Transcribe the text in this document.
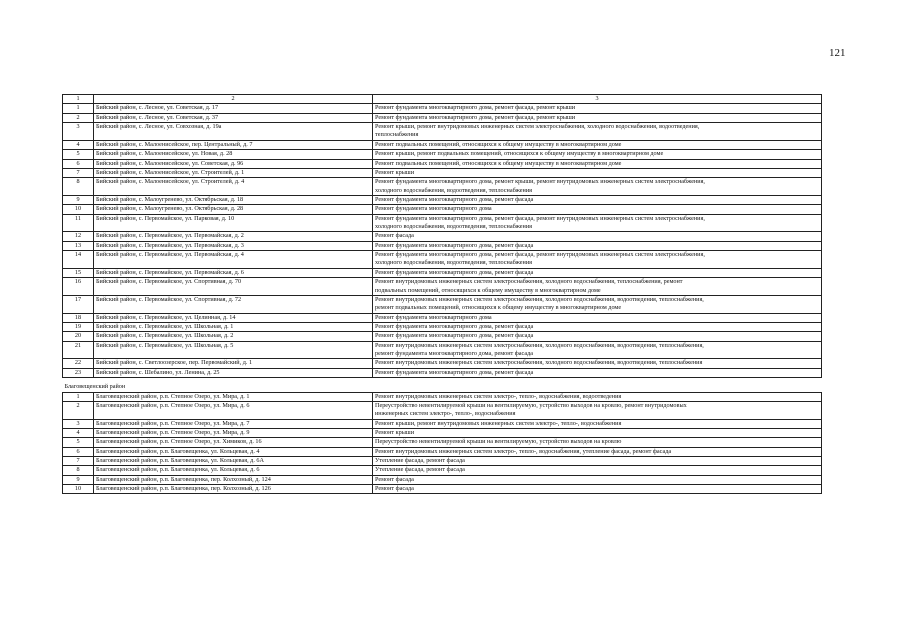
121
1	2	3
1	Бийский район, с. Лесное, ул. Советская, д. 17	Ремонт фундамента многоквартирного дома, ремонт фасада, ремонт крыши
2	Бийский район, с. Лесное, ул. Советская, д. 37	Ремонт фундамента многоквартирного дома, ремонт фасада, ремонт крыши
3	Бийский район, с. Лесное, ул. Совхозная, д. 19а	Ремонт крыши, ремонт внутридомовых инженерных систем электроснабжения, холодного водоснабжения, водоотведения,
теплоснабжения
4	Бийский район, с. Малоенисейское, пер. Центральный, д. 7	Ремонт подвальных помещений, относящихся к общему имуществу в многоквартирном доме
5	Бийский район, с. Малоенисейское, ул. Новая, д. 28	Ремонт крыши, ремонт подвальных помещений, относящихся к общему имуществу в многоквартирном доме
6	Бийский район, с. Малоенисейское, ул. Советская, д. 96	Ремонт подвальных помещений, относящихся к общему имуществу в многоквартирном доме
7	Бийский район, с. Малоенисейское, ул. Строителей, д. 1	Ремонт крыши
8	Бийский район, с. Малоенисейское, ул. Строителей, д. 4	Ремонт фундамента многоквартирного дома, ремонт крыши, ремонт внутридомовых инженерных систем электроснабжения,
холодного водоснабжения, водоотведения, теплоснабжения
9	Бийский район, с. Малоугренево, ул. Октябрьская, д. 18	Ремонт фундамента многоквартирного дома, ремонт фасада
10	Бийский район, с. Малоугренево, ул. Октябрьская, д. 28	Ремонт фундамента многоквартирного дома
11	Бийский район, с. Первомайское, ул. Парковая, д. 10	Ремонт фундамента многоквартирного дома, ремонт фасада, ремонт внутридомовых инженерных систем электроснабжения,
холодного водоснабжения, водоотведения, теплоснабжения
12	Бийский район, с. Первомайское, ул. Первомайская, д. 2	Ремонт фасада
13	Бийский район, с. Первомайское, ул. Первомайская, д. 3	Ремонт фундамента многоквартирного дома, ремонт фасада
14	Бийский район, с. Первомайское, ул. Первомайская, д. 4	Ремонт фундамента многоквартирного дома, ремонт фасада, ремонт внутридомовых инженерных систем электроснабжения,
холодного водоснабжения, водоотведения, теплоснабжения
15	Бийский район, с. Первомайское, ул. Первомайская, д. 6	Ремонт фундамента многоквартирного дома, ремонт фасада
16	Бийский район, с. Первомайское, ул. Спортивная, д. 70	Ремонт внутридомовых инженерных систем электроснабжения, холодного водоснабжения, теплоснабжения, ремонт
подвальных помещений, относящихся к общему имуществу в многоквартирном доме
17	Бийский район, с. Первомайское, ул. Спортивная, д. 72	Ремонт внутридомовых инженерных систем электроснабжения, холодного водоснабжения, водоотведения, теплоснабжения,
ремонт подвальных помещений, относящихся к общему имуществу в многоквартирном доме
18	Бийский район, с. Первомайское, ул. Целинная, д. 14	Ремонт фундамента многоквартирного дома
19	Бийский район, с. Первомайское, ул. Школьная, д. 1	Ремонт фундамента многоквартирного дома, ремонт фасада
20	Бийский район, с. Первомайское, ул. Школьная, д. 2	Ремонт фундамента многоквартирного дома, ремонт фасада
21	Бийский район, с. Первомайское, ул. Школьная, д. 5	Ремонт внутридомовых инженерных систем электроснабжения, холодного водоснабжения, водоотведения, теплоснабжения,
ремонт фундамента многоквартирного дома, ремонт фасада
22	Бийский район, с. Светлоозерское, пер. Первомайский, д. 1	Ремонт внутридомовых инженерных систем электроснабжения, холодного водоснабжения, водоотведения, теплоснабжения

23	Бийский район, с. Шебалино, ул. Ленина, д. 25	Ремонт фундамента многоквартирного дома, ремонт фасада
Благовещенский район		
1	Благовещенский район, р.п. Степное Озеро, ул. Мира, д. 1	Ремонт внутридомовых инженерных систем электро-, тепло-, водоснабжения, водоотведения
2	Благовещенский район, р.п. Степное Озеро, ул. Мира, д. 6	Переустройство невентилируемой крыши на вентилируемую, устройство выходов на кровлю, ремонт внутридомовых
инженерных систем электро-, тепло-, водоснабжения
3	Благовещенский район, р.п. Степное Озеро, ул. Мира, д. 7	Ремонт крыши, ремонт внутридомовых инженерных систем электро-, тепло-, водоснабжения
4	Благовещенский район, р.п. Степное Озеро, ул. Мира, д. 9	Ремонт крыши
5	Благовещенский район, р.п. Степное Озеро, ул. Химиков, д. 16	Переустройство невентилируемой крыши на вентилируемую, устройство выходов на кровлю
6	Благовещенский район, р.п. Благовещенка, ул. Кольцевая, д. 4	Ремонт внутридомовых инженерных систем электро-, тепло-, водоснабжения, утепление фасада, ремонт фасада
7	Благовещенский район, р.п. Благовещенка, ул. Кольцевая, д. 6А	Утепление фасада, ремонт фасада
8	Благовещенский район, р.п. Благовещенка, ул. Кольцевая, д. 6	Утепление фасада, ремонт фасада
9	Благовещенский район, р.п. Благовещенка, пер. Колхозный, д. 124	Ремонт фасада
10	Благовещенский район, р.п. Благовещенка, пер. Колхозный, д. 126	Ремонт фасада
